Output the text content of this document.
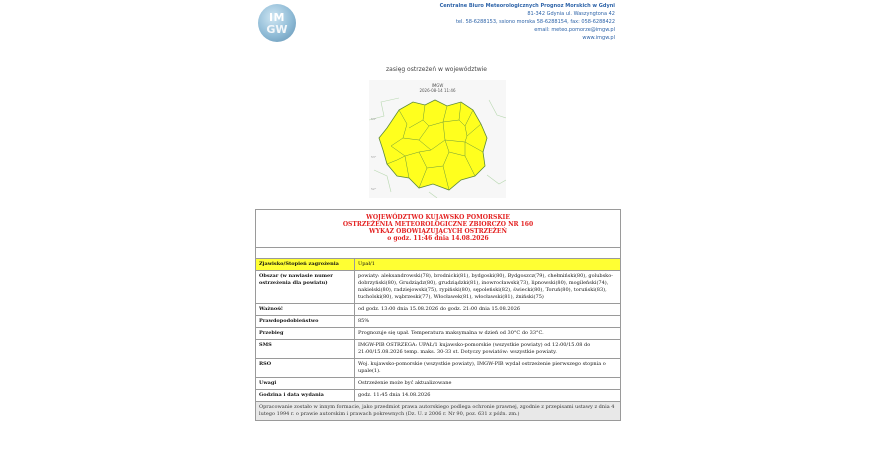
IM
GW
Centralne Biuro Meteorologicznych Prognoz Morskich w Gdyni
81-342 Gdynia ul. Waszyngtona 42
tel. 58-6288153, ssiono morska 58-6288154, fax: 058-6288422
email: meteo.pomorze@imgw.pl
www.imgw.pl
zasięg ostrzeżeń w województwie
IMGW
2026-08-14 11:46
54°
53°
52°
WOJEWÓDZTWO KUJAWSKO POMORSKIE
OSTRZEŻENIA METEOROLOGICZNE ZBIORCZO NR 160
WYKAZ OBOWIĄZUJĄCYCH OSTRZEŻEŃ
o godz. 11:46 dnia 14.08.2026	

Zjawisko/Stopień zagrożenia	Upał/1
Obszar (w nawiasie numer ostrzeżenia dla powiatu)	powiaty: aleksandrowski(78), brodnicki(81), bydgoski(80), Bydgoszcz(79), chełmiński(80), golubsko-dobrzyński(80), Grudziądz(80), grudziądzki(81), inowrocławski(73), lipnowski(80), mogileński(74), nakielski(80), radziejowski(75), rypiński(80), sępoleński(82), świecki(80), Toruń(80), toruński(83), tucholski(80), wąbrzeski(77), Włocławek(81), włocławski(81), żniński(75)
Ważność	od godz. 13:00 dnia 15.08.2026 do godz. 21:00 dnia 15.08.2026
Prawdopodobieństwo	85%
Przebieg	Prognozuje się upał. Temperatura maksymalna w dzień od 30°C do 33°C.
SMS	IMGW-PIB OSTRZEGA: UPAŁ/1 kujawsko-pomorskie (wszystkie powiaty) od 12:00/15.08 do 21:00/15.08.2026 temp. maks. 30-33 st. Dotyczy powiatów: wszystkie powiaty.
RSO	Woj. kujawsko-pomorskie (wszystkie powiaty), IMGW-PIB wydał ostrzeżenie pierwszego stopnia o upale(1).
Uwagi	Ostrzeżenie może być aktualizowane
Godzina i data wydania	godz. 11:45 dnia 14.08.2026
Opracowanie zostało w innym formacie, jako przedmiot prawa autorskiego podlega ochronie prawnej, zgodnie z przepisami ustawy z dnia 4 lutego 1994 r. o prawie autorskim i prawach pokrewnych (Dz. U. z 2006 r. Nr 90, poz. 631 z późn. zm.)	
